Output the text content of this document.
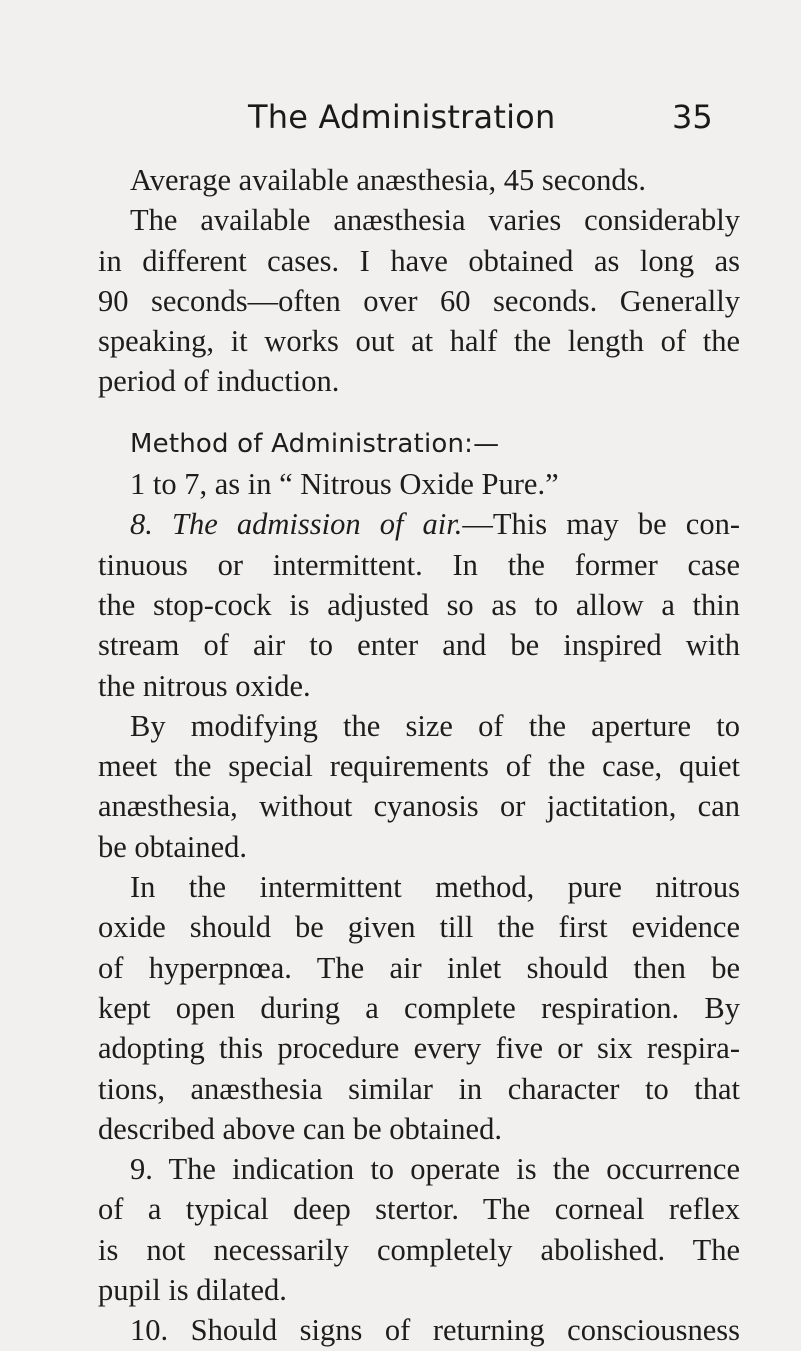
The Administration	35
Average available anæsthesia, 45 seconds.
The available anæsthesia varies considerably
in different cases. I have obtained as long as
90 seconds—often over 60 seconds. Generally
speaking, it works out at half the length of the
period of induction.
Method of Administration:—
1 to 7, as in “ Nitrous Oxide Pure.”
8. The admission of air.—This may be con-
tinuous or intermittent. In the former case
the stop-cock is adjusted so as to allow a thin
stream of air to enter and be inspired with
the nitrous oxide.
By modifying the size of the aperture to
meet the special requirements of the case, quiet
anæsthesia, without cyanosis or jactitation, can
be obtained.
In the intermittent method, pure nitrous
oxide should be given till the first evidence
of hyperpnœa. The air inlet should then be
kept open during a complete respiration. By
adopting this procedure every five or six respira-
tions, anæsthesia similar in character to that
described above can be obtained.
9. The indication to operate is the occurrence
of a typical deep stertor. The corneal reflex
is not necessarily completely abolished. The
pupil is dilated.
10. Should signs of returning consciousness
